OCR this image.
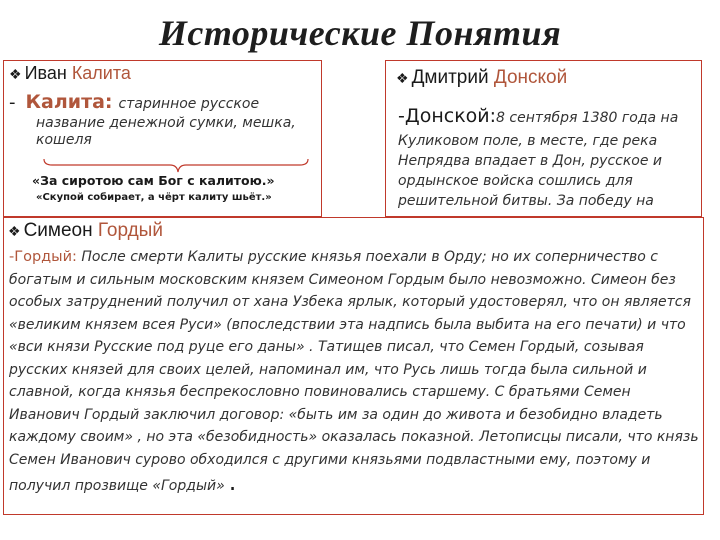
Исторические Понятия
❖ Иван Калита
- Калита: старинное русское
название денежной сумки, мешка, кошеля
«За сиротою сам Бог с калитою.»
«Скупой собирает, а чёрт калиту шьёт.»
❖ Дмитрий Донской
-Донской:8 сентября 1380 года на
Куликовом поле, в месте, где река Непрядва впадает в Дон, русское и ордынское войска сошлись для решительной битвы. За победу на
❖ Симеон Гордый
-Гордый: После смерти Калиты русские князья поехали в Орду; но их соперничество с богатым и сильным московским князем Симеоном Гордым было невозможно. Симеон без особых затруднений получил от хана Узбека ярлык, который удостоверял, что он является «великим князем всея Руси» (впоследствии эта надпись была выбита на его печати) и что «вси князи Русские под руце его даны» . Татищев писал, что Семен Гордый, созывая русских князей для своих целей, напоминал им, что Русь лишь тогда была сильной и славной, когда князья беспрекословно повиновались старшему. С братьями Семен Иванович Гордый заключил договор: «быть им за один до живота и безобидно владеть каждому своим» , но эта «безобидность» оказалась показной. Летописцы писали, что князь Семен Иванович сурово обходился с другими князьями подвластными ему, поэтому и получил прозвище «Гордый» .
